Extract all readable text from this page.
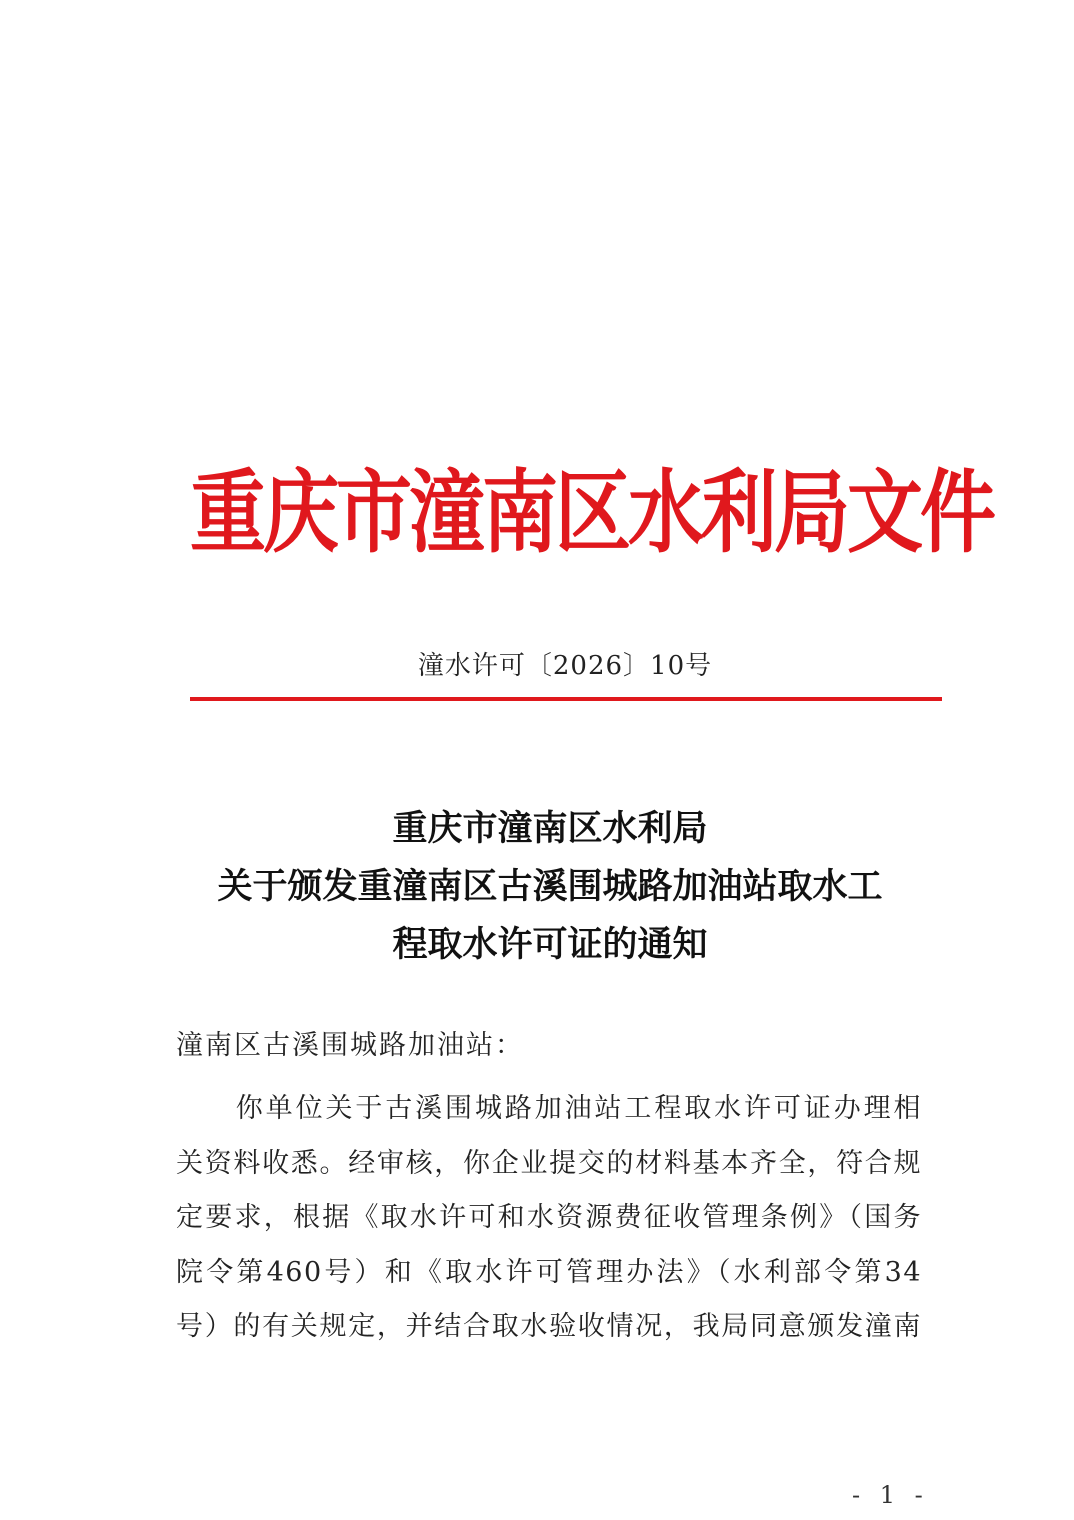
重庆市潼南区水利局文件
潼水许可〔2026〕10号
重庆市潼南区水利局
关于颁发重潼南区古溪围城路加油站取水工
程取水许可证的通知
潼南区古溪围城路加油站：
　　你单位关于古溪围城路加油站工程取水许可证办理相
关资料收悉。经审核，你企业提交的材料基本齐全，符合规
定要求，根据《取水许可和水资源费征收管理条例》（国务
院令第460号）和《取水许可管理办法》（水利部令第34
号）的有关规定，并结合取水验收情况，我局同意颁发潼南
- 1 -
